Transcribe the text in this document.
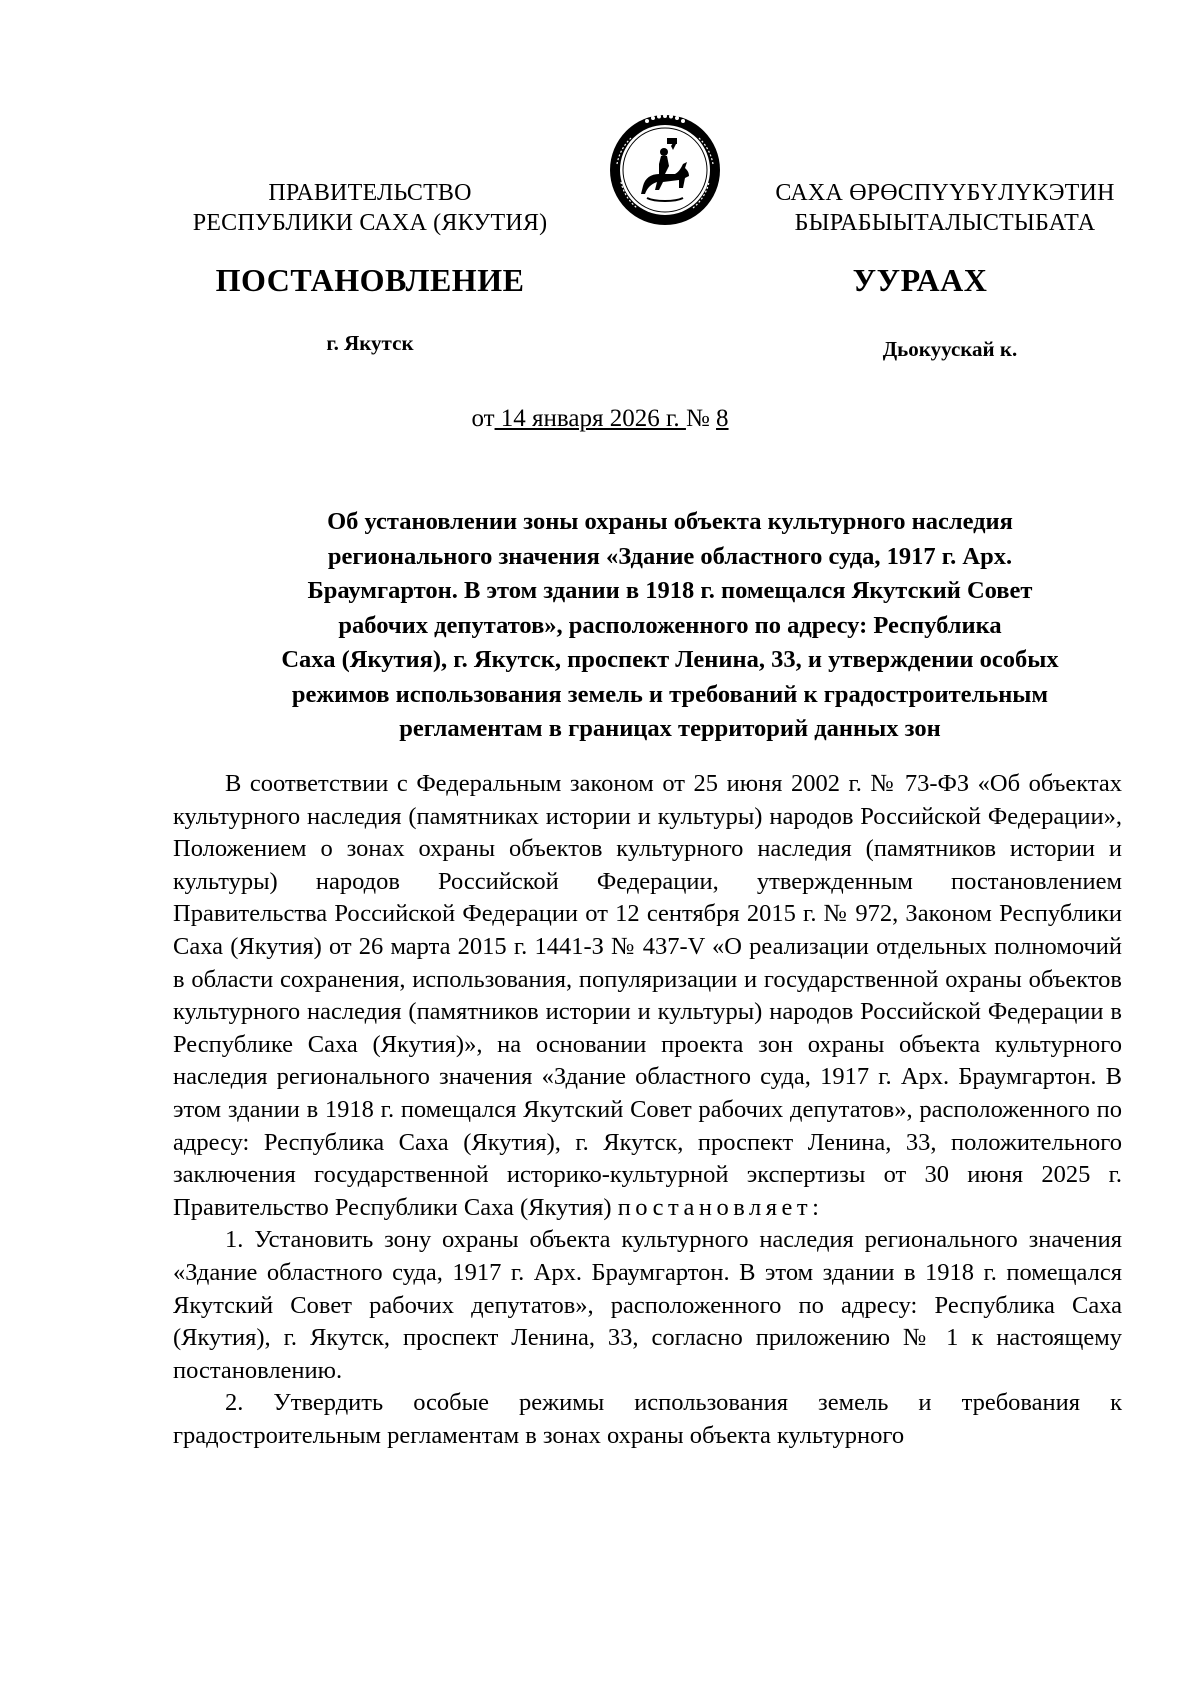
ПРАВИТЕЛЬСТВО
РЕСПУБЛИКИ САХА (ЯКУТИЯ)
САХА ӨРӨСПҮҮБҮЛҮКЭТИН
БЫРАБЫЫТАЛЫСТЫБАТА
ПОСТАНОВЛЕНИЕ	УУРААХ
г. Якутск	Дьокуускай к.
от 14 января 2026 г. № 8
Об установлении зоны охраны объекта культурного наследия
регионального значения «Здание областного суда, 1917 г. Арх.
Браумгартон. В этом здании в 1918 г. помещался Якутский Совет
рабочих депутатов», расположенного по адресу: Республика
Саха (Якутия), г. Якутск, проспект Ленина, 33, и утверждении особых
режимов использования земель и требований к градостроительным
регламентам в границах территорий данных зон

В соответствии с Федеральным законом от 25 июня 2002 г. № 73-ФЗ «Об объектах культурного наследия (памятниках истории и культуры) народов Российской Федерации», Положением о зонах охраны объектов культурного наследия (памятников истории и культуры) народов Российской Федерации, утвержденным постановлением Правительства Российской Федерации от 12 сентября 2015 г. № 972, Законом Республики Саха (Якутия) от 26 марта 2015 г. 1441-З № 437-V «О реализации отдельных полномочий в области сохранения, использования, популяризации и государственной охраны объектов культурного наследия (памятников истории и культуры) народов Российской Федерации в Республике Саха (Якутия)», на основании проекта зон охраны объекта культурного наследия регионального значения «Здание областного суда, 1917 г. Арх. Браумгартон. В этом здании в 1918 г. помещался Якутский Совет рабочих депутатов», расположенного по адресу: Республика Саха (Якутия), г. Якутск, проспект Ленина, 33, положительного заключения государственной историко-культурной экспертизы от 30 июня 2025 г. Правительство Республики Саха (Якутия) постановляет:

1. Установить зону охраны объекта культурного наследия регионального значения «Здание областного суда, 1917 г. Арх. Браумгартон. В этом здании в 1918 г. помещался Якутский Совет рабочих депутатов», расположенного по адресу: Республика Саха (Якутия), г. Якутск, проспект Ленина, 33, согласно приложению № 1 к настоящему постановлению.

2. Утвердить особые режимы использования земель и требования к градостроительным регламентам в зонах охраны объекта культурного
